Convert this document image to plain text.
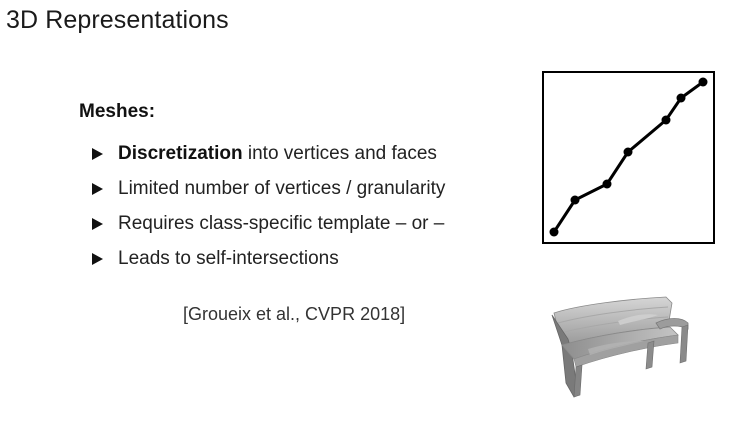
3D Representations
Meshes:
Discretization into vertices and faces
Limited number of vertices / granularity
Requires class-specific template – or –
Leads to self-intersections
[Groueix et al., CVPR 2018]
